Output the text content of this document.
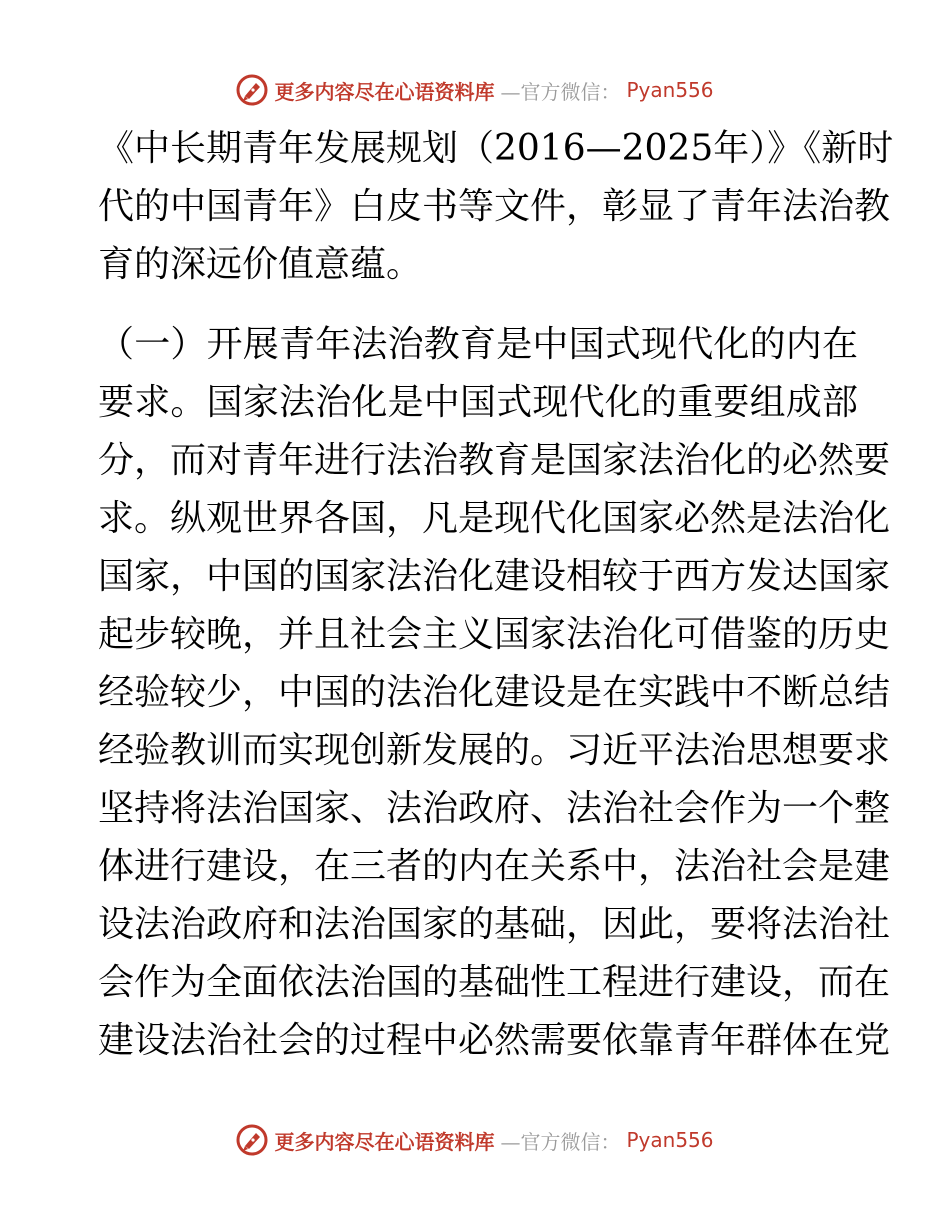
更多内容尽在心语资料库 —官方微信： Pyan556
《中长期青年发展规划（2016—2025年）》《新时
代的中国青年》白皮书等文件，彰显了青年法治教
育的深远价值意蕴。
（一）开展青年法治教育是中国式现代化的内在
要求。国家法治化是中国式现代化的重要组成部
分，而对青年进行法治教育是国家法治化的必然要
求。纵观世界各国，凡是现代化国家必然是法治化
国家，中国的国家法治化建设相较于西方发达国家
起步较晚，并且社会主义国家法治化可借鉴的历史
经验较少，中国的法治化建设是在实践中不断总结
经验教训而实现创新发展的。习近平法治思想要求
坚持将法治国家、法治政府、法治社会作为一个整
体进行建设，在三者的内在关系中，法治社会是建
设法治政府和法治国家的基础，因此，要将法治社
会作为全面依法治国的基础性工程进行建设，而在
建设法治社会的过程中必然需要依靠青年群体在党
更多内容尽在心语资料库 —官方微信： Pyan556
